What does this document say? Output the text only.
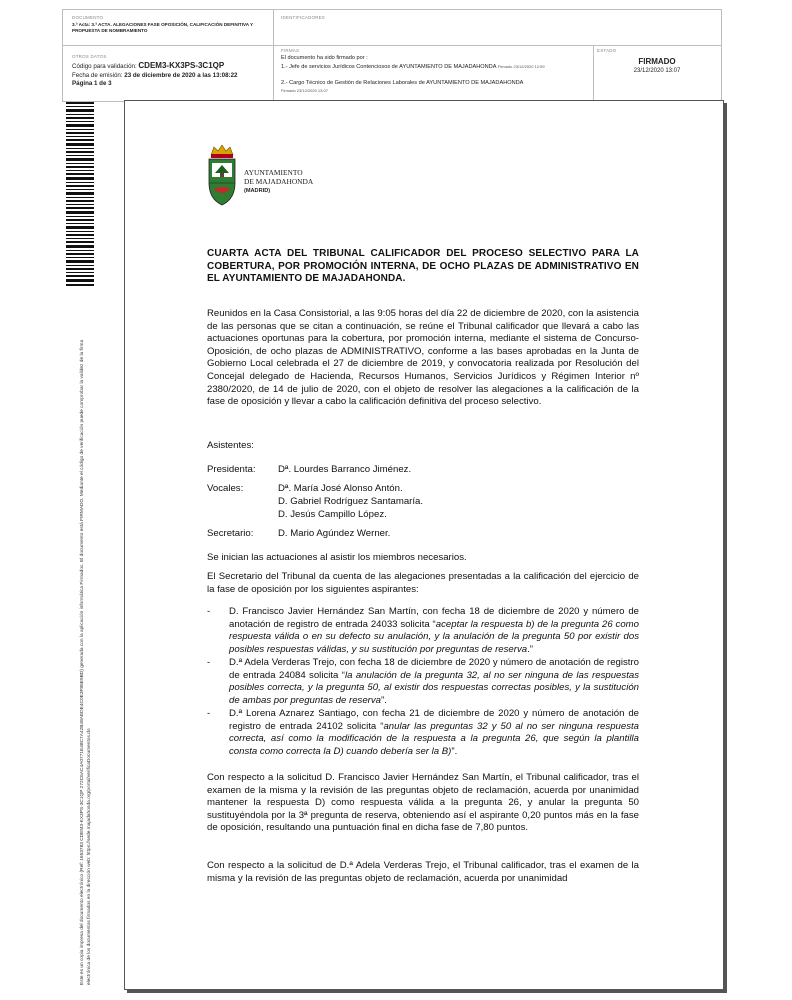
DOCUMENTO
3.ª Acta: 3.ª ACTA. ALEGACIONES FASE OPOSICIÓN, CALIFICACIÓN DEFINITIVA Y PROPUESTA DE NOMBRAMIENTO
IDENTIFICADORES
OTROS DATOS
Código para validación: CDEM3-KX3PS-3C1QP
Fecha de emisión: 23 de diciembre de 2020 a las 13:08:22
Página 1 de 3
FIRMAS
El documento ha sido firmado por :
1.- Jefe de servicios Jurídicos Contenciosos de AYUNTAMIENTO DE MAJADAHONDA Firmado 23/12/2020 12:59
2.- Cargo Técnico de Gestión de Relaciones Laborales de AYUNTAMIENTO DE MAJADAHONDA
Firmado 23/12/2020 13:07
ESTADO
FIRMADO
23/12/2020 13:07
Este es un copia impresa del documento electrónico (Ref: 1653783 CDEM3-KX3PS-3C1QP 272C6AC4A0771E48C7A42B48AEDE4C0E3F86E9BD) generada con la aplicación informática Firmadoc. El documento está FIRMADO. Mediante el código de verificación puede comprobar la validez de la firma electrónica de los documentos firmados en la dirección web: https://sede.majadahonda.org/portal/verificaDocumentos.do
AYUNTAMIENTO
DE MAJADAHONDA
(MADRID)
CUARTA ACTA DEL TRIBUNAL CALIFICADOR DEL PROCESO SELECTIVO PARA LA COBERTURA, POR PROMOCIÓN INTERNA, DE OCHO PLAZAS DE ADMINISTRATIVO EN EL AYUNTAMIENTO DE MAJADAHONDA.
Reunidos en la Casa Consistorial, a las 9:05 horas del día 22 de diciembre de 2020, con la asistencia de las personas que se citan a continuación, se reúne el Tribunal calificador que llevará a cabo las actuaciones oportunas para la cobertura, por promoción interna, mediante el sistema de Concurso-Oposición, de ocho plazas de ADMINISTRATIVO, conforme a las bases aprobadas en la Junta de Gobierno Local celebrada el 27 de diciembre de 2019, y convocatoria realizada por Resolución del Concejal delegado de Hacienda, Recursos Humanos, Servicios Jurídicos y Régimen Interior nº 2380/2020, de 14 de julio de 2020, con el objeto de resolver las alegaciones a la calificación de la fase de oposición y llevar a cabo la calificación definitiva del proceso selectivo.
Asistentes:
Presidenta: Dª. Lourdes Barranco Jiménez.
Vocales:	Dª. María José Alonso Antón.
D. Gabriel Rodríguez Santamaría.
D. Jesús Campillo López.
Secretario:	D. Mario Agúndez Werner.
Se inician las actuaciones al asistir los miembros necesarios.
El Secretario del Tribunal da cuenta de las alegaciones presentadas a la calificación del ejercicio de la fase de oposición por los siguientes aspirantes:
- D. Francisco Javier Hernández San Martín, con fecha 18 de diciembre de 2020 y número de anotación de registro de entrada 24033 solicita “aceptar la respuesta b) de la pregunta 26 como respuesta válida o en su defecto su anulación, y la anulación de la pregunta 50 por existir dos posibles respuestas válidas, y su sustitución por preguntas de reserva.”
- D.ª Adela Verderas Trejo, con fecha 18 de diciembre de 2020 y número de anotación de registro de entrada 24084 solicita “la anulación de la pregunta 32, al no ser ninguna de las respuestas posibles correcta, y la pregunta 50, al existir dos respuestas correctas posibles, y la sustitución de ambas por preguntas de reserva”.
- D.ª Lorena Aznarez Santiago, con fecha 21 de diciembre de 2020 y número de anotación de registro de entrada 24102 solicita “anular las preguntas 32 y 50 al no ser ninguna respuesta correcta, así como la modificación de la respuesta a la pregunta 26, que según la plantilla consta como correcta la D) cuando debería ser la B)”.
Con respecto a la solicitud D. Francisco Javier Hernández San Martín, el Tribunal calificador, tras el examen de la misma y la revisión de las preguntas objeto de reclamación, acuerda por unanimidad mantener la respuesta D) como respuesta válida a la pregunta 26, y anular la pregunta 50 sustituyéndola por la 3ª pregunta de reserva, obteniendo así el aspirante 0,20 puntos más en la fase de oposición, resultando una puntuación final en dicha fase de 7,80 puntos.
Con respecto a la solicitud de D.ª Adela Verderas Trejo, el Tribunal calificador, tras el examen de la misma y la revisión de las preguntas objeto de reclamación, acuerda por unanimidad
